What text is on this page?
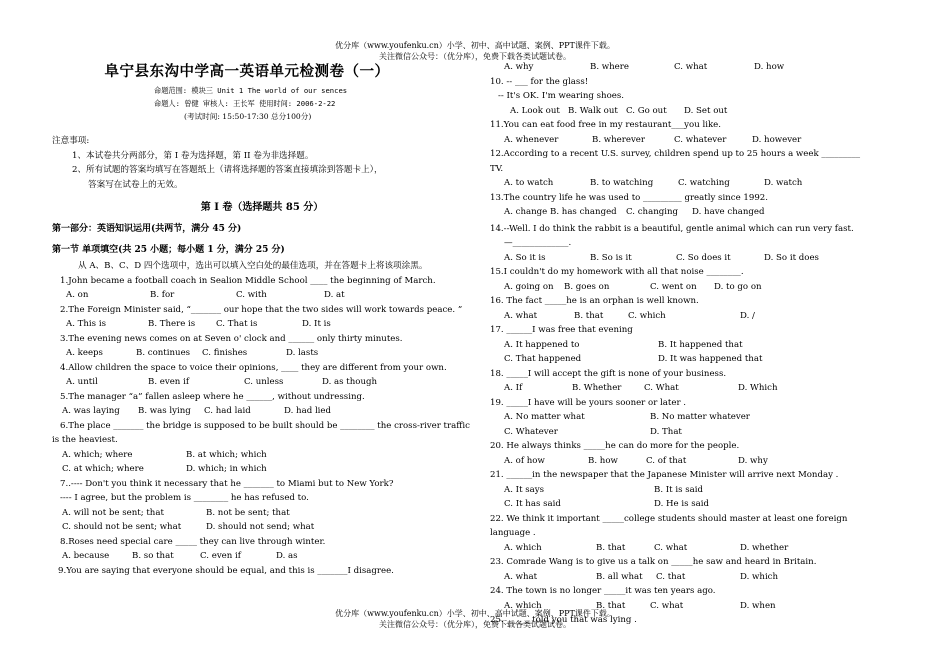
优分库（www.youfenku.cn）小学、初中、高中试题、案例、PPT课件下载。
关注微信公众号：（优分库），免费下载各类试题试卷。
阜宁县东沟中学高一英语单元检测卷（一）
命题范围: 模块三 Unit 1 The world of our sences
命题人: 曾健 审核人: 王长军 使用时间: 2006-2-22
(考试时间: 15:50-17:30 总分100分)
注意事项:
1、本试卷共分两部分，第 I 卷为选择题，第 II 卷为非选择题。
2、所有试题的答案均填写在答题纸上（请将选择题的答案直接填涂到答题卡上），
答案写在试卷上的无效。
第 I 卷（选择题共 85 分）
第一部分：英语知识运用(共两节，满分 45 分)
第一节 单项填空(共 25 小题；每小题 1 分，满分 25 分)
从 A、B、C、D 四个选项中，选出可以填入空白处的最佳选项，并在答题卡上将该项涂黑。
1.John became a football coach in Sealion Middle School ____ the beginning of March.
A. on	B. for	C. with	D. at
2.The Foreign Minister said, “_______ our hope that the two sides will work towards peace. ”
A. This is	B. There is	C. That is	D. It is
3.The evening news comes on at Seven o' clock and ______ only thirty minutes.
A. keeps	B. continues	C. finishes	D. lasts
4.Allow children the space to voice their opinions, ____ they are different from your own.
A. until	B. even if	C. unless	D. as though
5.The manager “a” fallen asleep where he ______, without undressing.
A. was laying	B. was lying	C. had laid	D. had lied
6.The place _______ the bridge is supposed to be built should be ________ the cross-river traffic is the heaviest.
A. which; where	B. at which; which
C. at which; where	D. which; in which
7..---- Don't you think it necessary that he _______ to Miami but to New York?
---- I agree, but the problem is ________ he has refused to.
A. will not be sent; that	B. not be sent; that
C. should not be sent; what	D. should not send; what
8.Roses need special care _____ they can live through winter.
A. because	B. so that	C. even if	D. as
9.You are saying that everyone should be equal, and this is _______I disagree.
A. why	B. where	C. what	D. how
10. -- ___ for the glass!
-- It's OK. I'm wearing shoes.
A. Look out B. Walk out C. Go out	D. Set out
11.You can eat food free in my restaurant___you like.
A. whenever	B. wherever	C. whatever	D. however
12.According to a recent U.S. survey, children spend up to 25 hours a week _________ TV.
A. to watch	B. to watching	C. watching	D. watch
13.The country life he was used to _________ greatly since 1992.
A. change B. has changed	C. changing	D. have changed
14.--Well. I do think the rabbit is a beautiful, gentle animal which can run very fast.
—_____________.
A. So it is	B. So is it	C. So does it	D. So it does
15.I couldn't do my homework with all that noise ________.
A. going on	B. goes on	C. went on	D. to go on
16. The fact _____he is an orphan is well known.
A. what	B. that	C. which	D. /
17. ______I was free that evening
A. It happened to	B. It happened that
C. That happened	D. It was happened that
18. _____I will accept the gift is none of your business.
A. If	B. Whether	C. What	D. Which
19. _____I have will be yours sooner or later .
A. No matter what	B. No matter whatever
C. Whatever	D. That
20. He always thinks _____he can do more for the people.
A. of how	B. how	C. of that	D. why
21. ______in the newspaper that the Japanese Minister will arrive next Monday .
A. It says	B. It is said
C. It has said	D. He is said
22. We think it important _____college students should master at least one foreign language .
A. which	B. that	C. what	D. whether
23. Comrade Wang is to give us a talk on _____he saw and heard in Britain.
A. what	B. all what	C. that	D. which
24. The town is no longer _____it was ten years ago.
A. which	B. that	C. what	D. when
25. ______told you that was lying .
优分库（www.youfenku.cn）小学、初中、高中试题、案例、PPT课件下载。
关注微信公众号：（优分库），免费下载各类试题试卷。
